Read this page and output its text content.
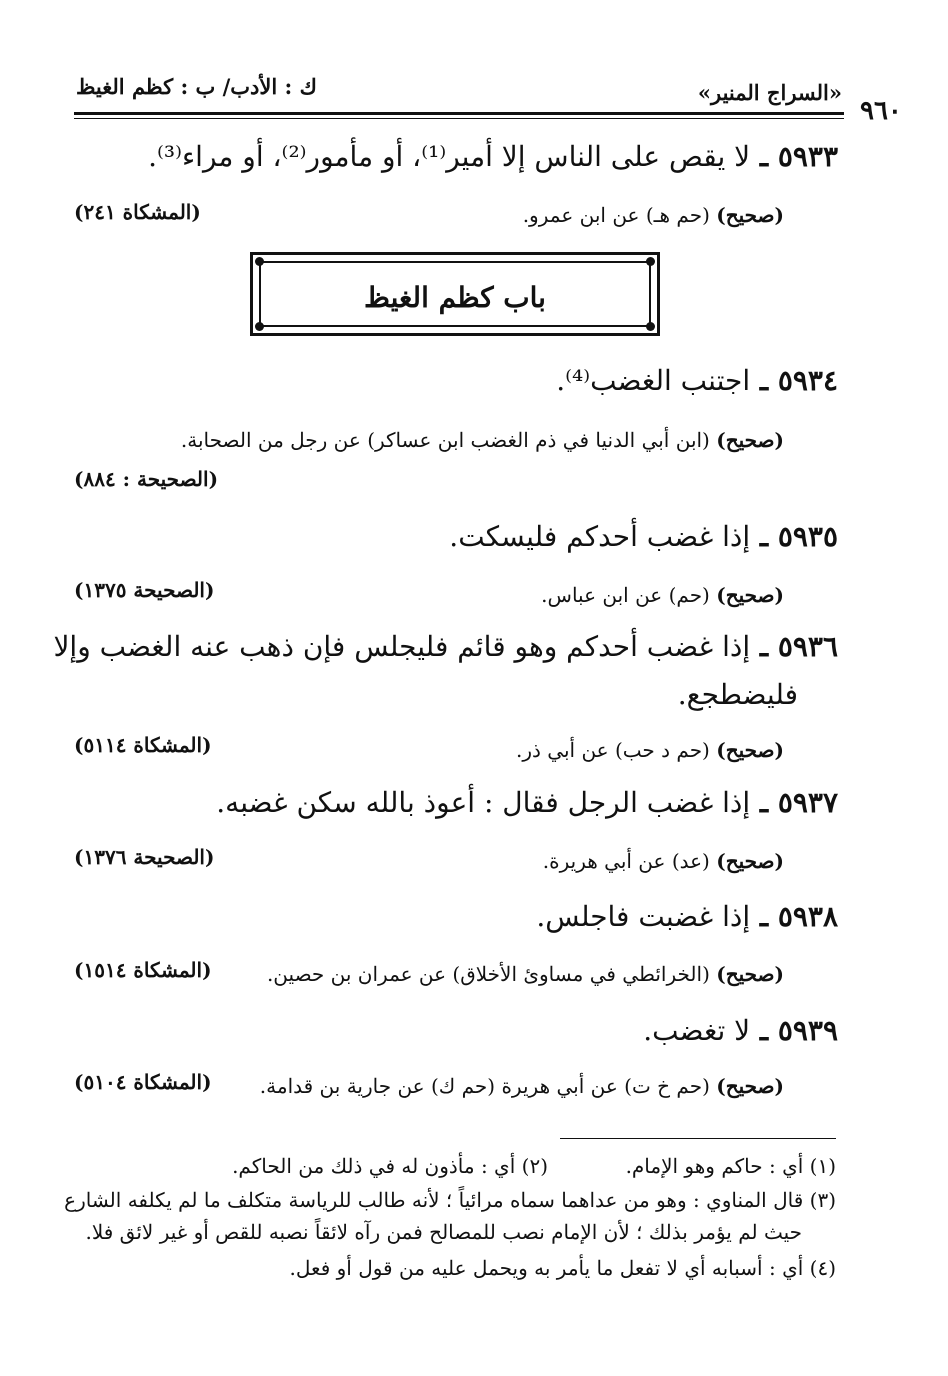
٩٦٠
«السراج المنير»
ك : الأدب/ ب : كظم الغيظ
٥٩٣٣ ـ لا يقص على الناس إلا أمير⁽¹⁾، أو مأمور⁽²⁾، أو مراء⁽³⁾.
(صحيح) (حم هـ) عن ابن عمرو.
(المشكاة ٢٤١)
باب كظم الغيظ
٥٩٣٤ ـ اجتنب الغضب⁽⁴⁾.
(صحيح) (ابن أبي الدنيا في ذم الغضب ابن عساكر) عن رجل من الصحابة.
(الصحيحة : ٨٨٤)
٥٩٣٥ ـ إذا غضب أحدكم فليسكت.
(صحيح) (حم) عن ابن عباس.
(الصحيحة ١٣٧٥)
٥٩٣٦ ـ إذا غضب أحدكم وهو قائم فليجلس فإن ذهب عنه الغضب وإلا
فليضطجع.
(صحيح) (حم د حب) عن أبي ذر.
(المشكاة ٥١١٤)
٥٩٣٧ ـ إذا غضب الرجل فقال : أعوذ بالله سكن غضبه.
(صحيح) (عد) عن أبي هريرة.
(الصحيحة ١٣٧٦)
٥٩٣٨ ـ إذا غضبت فاجلس.
(صحيح) (الخرائطي في مساوئ الأخلاق) عن عمران بن حصين.
(المشكاة ١٥١٤)
٥٩٣٩ ـ لا تغضب.
(صحيح) (حم خ ت) عن أبي هريرة (حم ك) عن جارية بن قدامة.
(المشكاة ٥١٠٤)
(١) أي : حاكم وهو الإمام.
(٢) أي : مأذون له في ذلك من الحاكم.
(٣) قال المناوي : وهو من عداهما سماه مرائياً ؛ لأنه طالب للرياسة متكلف ما لم يكلفه الشارع
حيث لم يؤمر بذلك ؛ لأن الإمام نصب للمصالح فمن رآه لائقاً نصبه للقص أو غير لائق فلا.
(٤) أي : أسبابه أي لا تفعل ما يأمر به ويحمل عليه من قول أو فعل.
